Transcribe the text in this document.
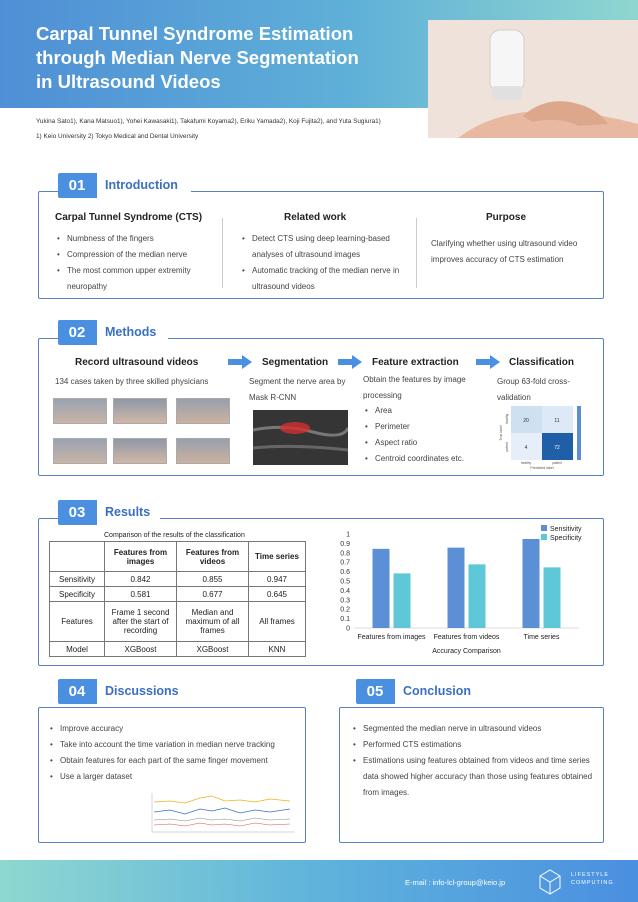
Carpal Tunnel Syndrome Estimation
through Median Nerve Segmentation
in Ultrasound Videos
Yukina Sato1), Kana Matsuo1), Yohei Kawasaki1), Takafumi Koyama2), Eriku Yamada2), Koji Fujita2), and Yuta Sugiura1)
1) Keio University 2) Tokyo Medical and Dental University
01	Introduction
Carpal Tunnel Syndrome (CTS)
• Numbness of the fingers
• Compression of the median nerve
• The most common upper extremity neuropathy
Related work
• Detect CTS using deep learning-based analyses of ultrasound images
• Automatic tracking of the median nerve in ultrasound videos
Purpose
Clarifying whether using ultrasound video improves accuracy of CTS estimation
02	Methods
Record ultrasound videos
134 cases taken by three skilled physicians
Segmentation
Segment the nerve area by Mask R-CNN
Feature extraction
Obtain the features by image processing
• Area
• Perimeter
• Aspect ratio
• Centroid coordinates etc.
Classification
Group 63-fold cross-validation
20	11
4	72
healthy	patient
Predicted label
healthy
patient
True label
03	Results
Comparison of the results of the classification
	Features from images	Features from videos	Time series
Sensitivity	0.842	0.855	0.947
Specificity	0.581	0.677	0.645
Features	Frame 1 second after the start of recording	Median and maximum of all frames	All frames
Model	XGBoost	XGBoost	KNN
0
0.1
0.2
0.3
0.4
0.5
0.6
0.7
0.8
0.9
1
Features from images Features from videos	Time series
Accuracy Comparison
Sensitivity
Specificity
04	Discussions
• Improve accuracy
• Take into account the time variation in median nerve tracking
• Obtain features for each part of the same finger movement
• Use a larger dataset
05	Conclusion
• Segmented the median nerve in ultrasound videos
• Performed CTS estimations
• Estimations using features obtained from videos and time series data showed higher accuracy than those using features obtained from images.
E-mail : info-lcl-group@keio.jp
LIFESTYLE
COMPUTING
